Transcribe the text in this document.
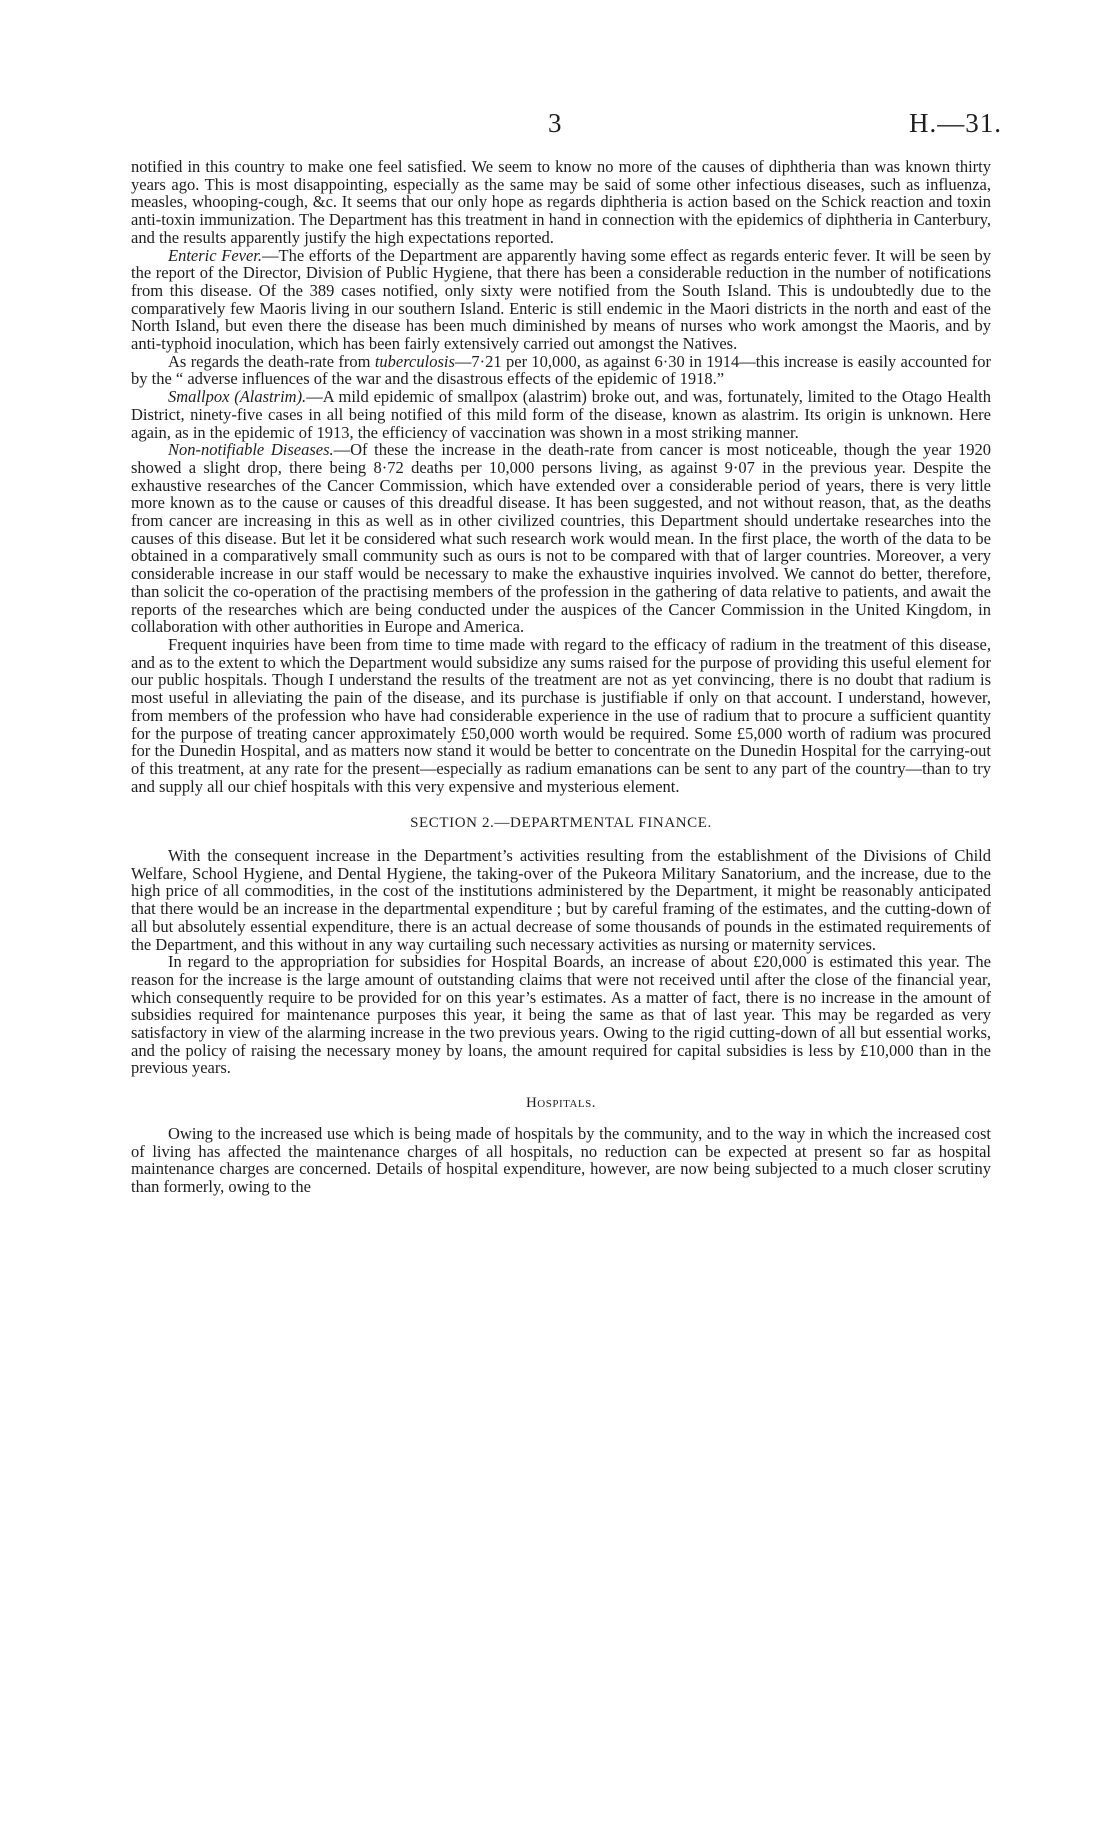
3	H.—31.

notified in this country to make one feel satisfied. We seem to know no more of the causes of diphtheria than was known thirty years ago. This is most disappointing, especially as the same may be said of some other infectious diseases, such as influenza, measles, whooping-cough, &c. It seems that our only hope as regards diphtheria is action based on the Schick reaction and toxin anti-toxin immunization. The Department has this treatment in hand in connection with the epidemics of diphtheria in Canterbury, and the results apparently justify the high expectations reported.

Enteric Fever.—The efforts of the Department are apparently having some effect as regards enteric fever. It will be seen by the report of the Director, Division of Public Hygiene, that there has been a considerable reduction in the number of notifications from this disease. Of the 389 cases notified, only sixty were notified from the South Island. This is undoubtedly due to the comparatively few Maoris living in our southern Island. Enteric is still endemic in the Maori districts in the north and east of the North Island, but even there the disease has been much diminished by means of nurses who work amongst the Maoris, and by anti-typhoid inoculation, which has been fairly extensively carried out amongst the Natives.

As regards the death-rate from tuberculosis—7·21 per 10,000, as against 6·30 in 1914—this increase is easily accounted for by the “ adverse influences of the war and the disastrous effects of the epidemic of 1918.”

Smallpox (Alastrim).—A mild epidemic of smallpox (alastrim) broke out, and was, fortunately, limited to the Otago Health District, ninety-five cases in all being notified of this mild form of the disease, known as alastrim. Its origin is unknown. Here again, as in the epidemic of 1913, the efficiency of vaccination was shown in a most striking manner.

Non-notifiable Diseases.—Of these the increase in the death-rate from cancer is most noticeable, though the year 1920 showed a slight drop, there being 8·72 deaths per 10,000 persons living, as against 9·07 in the previous year. Despite the exhaustive researches of the Cancer Commission, which have extended over a considerable period of years, there is very little more known as to the cause or causes of this dreadful disease. It has been suggested, and not without reason, that, as the deaths from cancer are increasing in this as well as in other civilized countries, this Department should undertake researches into the causes of this disease. But let it be considered what such research work would mean. In the first place, the worth of the data to be obtained in a comparatively small community such as ours is not to be compared with that of larger countries. Moreover, a very considerable increase in our staff would be necessary to make the exhaustive inquiries involved. We cannot do better, therefore, than solicit the co-operation of the practising members of the profession in the gathering of data relative to patients, and await the reports of the researches which are being conducted under the auspices of the Cancer Commission in the United Kingdom, in collaboration with other authorities in Europe and America.

Frequent inquiries have been from time to time made with regard to the efficacy of radium in the treatment of this disease, and as to the extent to which the Department would subsidize any sums raised for the purpose of providing this useful element for our public hospitals. Though I understand the results of the treatment are not as yet convincing, there is no doubt that radium is most useful in alleviating the pain of the disease, and its purchase is justifiable if only on that account. I understand, however, from members of the profession who have had considerable experience in the use of radium that to procure a sufficient quantity for the purpose of treating cancer approximately £50,000 worth would be required. Some £5,000 worth of radium was procured for the Dunedin Hospital, and as matters now stand it would be better to concentrate on the Dunedin Hospital for the carrying-out of this treatment, at any rate for the present—especially as radium emanations can be sent to any part of the country—than to try and supply all our chief hospitals with this very expensive and mysterious element.

SECTION 2.—DEPARTMENTAL FINANCE.

With the consequent increase in the Department’s activities resulting from the establishment of the Divisions of Child Welfare, School Hygiene, and Dental Hygiene, the taking-over of the Pukeora Military Sanatorium, and the increase, due to the high price of all commodities, in the cost of the institutions administered by the Department, it might be reasonably anticipated that there would be an increase in the departmental expenditure ; but by careful framing of the estimates, and the cutting-down of all but absolutely essential expenditure, there is an actual decrease of some thousands of pounds in the estimated requirements of the Department, and this without in any way curtailing such necessary activities as nursing or maternity services.

In regard to the appropriation for subsidies for Hospital Boards, an increase of about £20,000 is estimated this year. The reason for the increase is the large amount of outstanding claims that were not received until after the close of the financial year, which consequently require to be provided for on this year’s estimates. As a matter of fact, there is no increase in the amount of subsidies required for maintenance purposes this year, it being the same as that of last year. This may be regarded as very satisfactory in view of the alarming increase in the two previous years. Owing to the rigid cutting-down of all but essential works, and the policy of raising the necessary money by loans, the amount required for capital subsidies is less by £10,000 than in the previous years.

Hospitals.

Owing to the increased use which is being made of hospitals by the community, and to the way in which the increased cost of living has affected the maintenance charges of all hospitals, no reduction can be expected at present so far as hospital maintenance charges are concerned. Details of hospital expenditure, however, are now being subjected to a much closer scrutiny than formerly, owing to the
